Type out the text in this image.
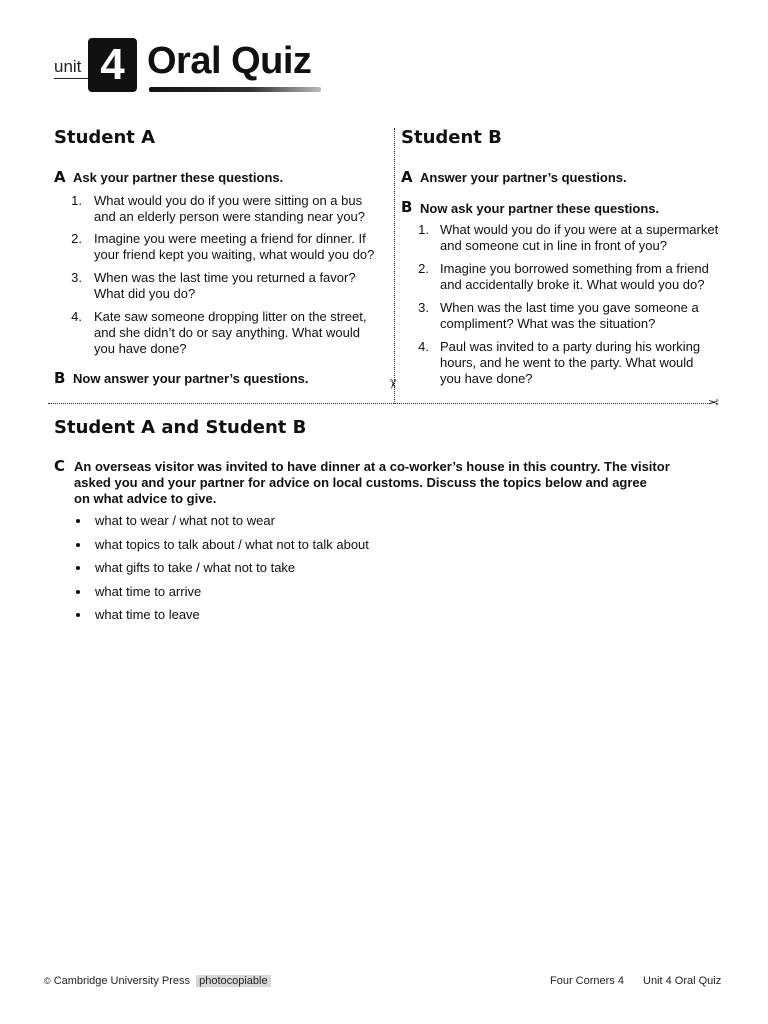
unit 4 Oral Quiz
Student A
A Ask your partner these questions.
1. What would you do if you were sitting on a bus
and an elderly person were standing near you?
2. Imagine you were meeting a friend for dinner. If
your friend kept you waiting, what would you do?
3. When was the last time you returned a favor?
What did you do?
4. Kate saw someone dropping litter on the street,
and she didn’t do or say anything. What would
you have done?
B Now answer your partner’s questions.	✂
Student B
A Answer your partner’s questions.
B Now ask your partner these questions.
1. What would you do if you were at a supermarket
and someone cut in line in front of you?
2. Imagine you borrowed something from a friend
and accidentally broke it. What would you do?
3. When was the last time you gave someone a
compliment? What was the situation?
4. Paul was invited to a party during his working
hours, and he went to the party. What would
you have done?
✂
Student A and Student B
C An overseas visitor was invited to have dinner at a co-worker’s house in this country. The visitor
asked you and your partner for advice on local customs. Discuss the topics below and agree
on what advice to give.
what to wear / what not to wear
what topics to talk about / what not to talk about
what gifts to take / what not to take
what time to arrive
what time to leave
© Cambridge University Press photocopiable	Four Corners 4 Unit 4 Oral Quiz
